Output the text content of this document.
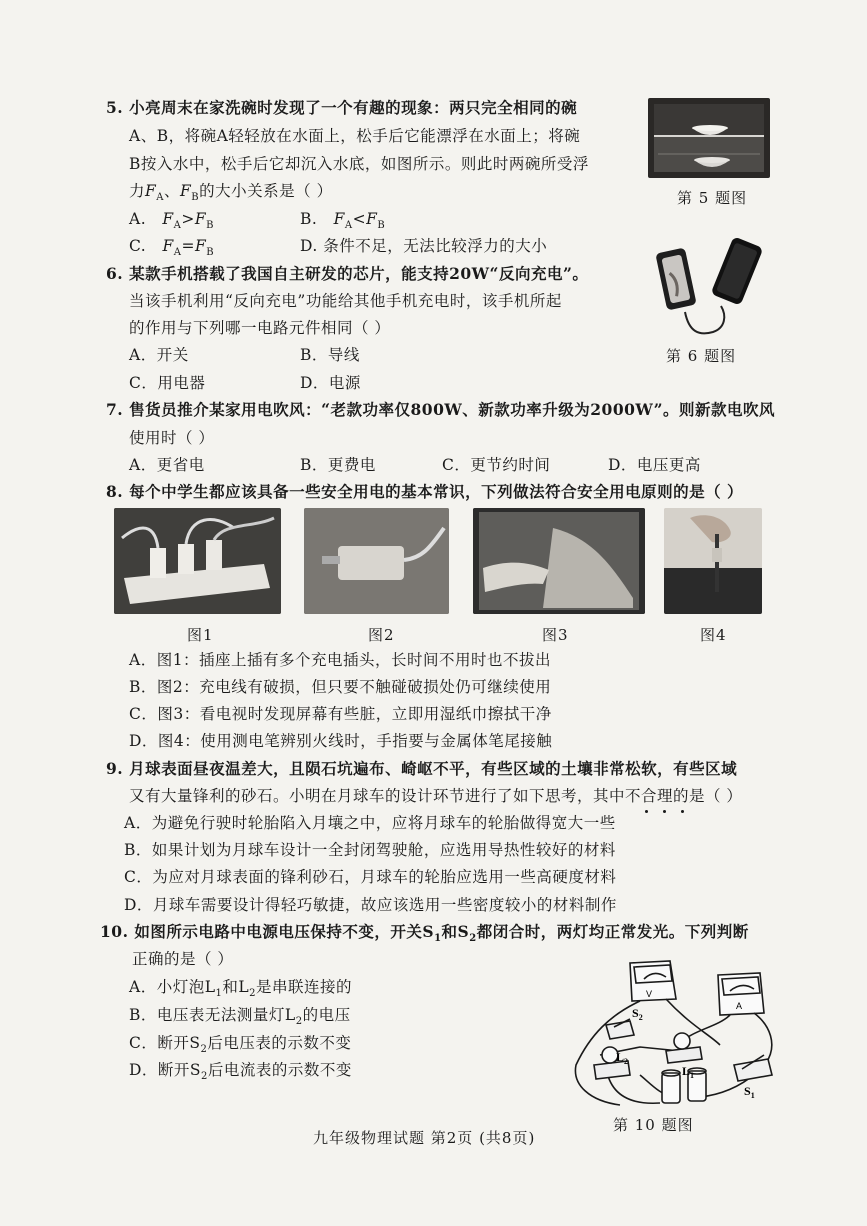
5. 小亮周末在家洗碗时发现了一个有趣的现象：两只完全相同的碗
A、B，将碗A轻轻放在水面上，松手后它能漂浮在水面上；将碗
B按入水中，松手后它却沉入水底，如图所示。则此时两碗所受浮
力$F_A$、$F_B$的大小关系是（ ）
A. $F_A>F_B$	B. $F_A<F_B$
C. $F_A=F_B$	D. 条件不足，无法比较浮力的大小
第 5 题图
6. 某款手机搭载了我国自主研发的芯片，能支持20W“反向充电”。
当该手机利用“反向充电”功能给其他手机充电时，该手机所起
的作用与下列哪一电路元件相同（ ）
A．开关	B．导线
C．用电器	D．电源
第 6 题图
7. 售货员推介某家用电吹风：“老款功率仅800W、新款功率升级为2000W”。则新款电吹风
使用时（ ）
A．更省电	B．更费电	C．更节约时间	D．电压更高
8. 每个中学生都应该具备一些安全用电的基本常识，下列做法符合安全用电原则的是（ ）
图1	图2	图3	图4
A．图1：插座上插有多个充电插头，长时间不用时也不拔出
B．图2：充电线有破损，但只要不触碰破损处仍可继续使用
C．图3：看电视时发现屏幕有些脏，立即用湿纸巾擦拭干净
D．图4：使用测电笔辨别火线时，手指要与金属体笔尾接触
9. 月球表面昼夜温差大，且陨石坑遍布、崎岖不平，有些区域的土壤非常松软，有些区域
又有大量锋利的砂石。小明在月球车的设计环节进行了如下思考，其中不合理的是（ ）
A．为避免行驶时轮胎陷入月壤之中，应将月球车的轮胎做得宽大一些
B．如果计划为月球车设计一全封闭驾驶舱，应选用导热性较好的材料
C．为应对月球表面的锋利砂石，月球车的轮胎应选用一些高硬度材料
D．月球车需要设计得轻巧敏捷，故应该选用一些密度较小的材料制作
10. 如图所示电路中电源电压保持不变，开关$S_1$和$S_2$都闭合时，两灯均正常发光。下列判断
正确的是（ ）
A．小灯泡$L_1$和$L_2$是串联连接的
B．电压表无法测量灯$L_2$的电压
C．断开$S_2$后电压表的示数不变
D．断开$S_2$后电流表的示数不变
V
A
$S_2$
$L_1$
$L_2$
$S_1$
第 10 题图
九年级物理试题 第2页 (共8页)
